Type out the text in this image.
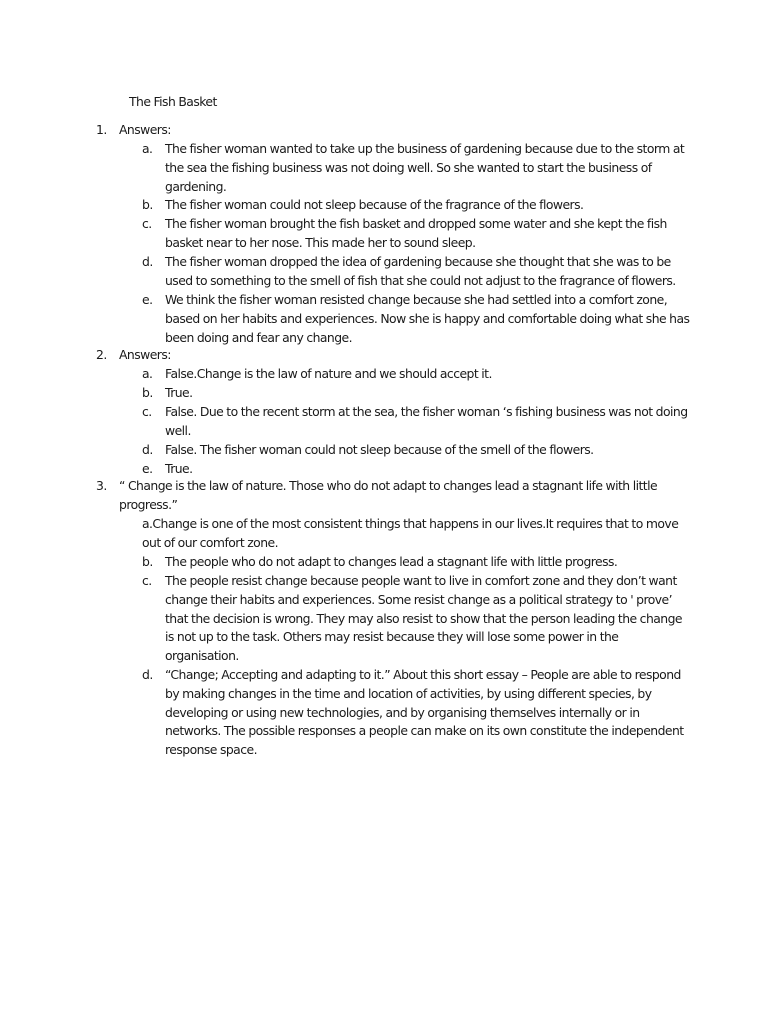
The Fish Basket
1. Answers:
a. The fisher woman wanted to take up the business of gardening because due to the storm at the sea the fishing business was not doing well. So she wanted to start the business of gardening.
b. The fisher woman could not sleep because of the fragrance of the flowers.
c. The fisher woman brought the fish basket and dropped some water and she kept the fish basket near to her nose. This made her to sound sleep.
d. The fisher woman dropped the idea of gardening because she thought that she was to be used to something to the smell of fish that she could not adjust to the fragrance of flowers.
e. We think the fisher woman resisted change because she had settled into a comfort zone, based on her habits and experiences. Now she is happy and comfortable doing what she has been doing and fear any change.
2. Answers:
a. False.Change is the law of nature and we should accept it.
b. True.
c. False. Due to the recent storm at the sea, the fisher woman ‘s fishing business was not doing well.
d. False. The fisher woman could not sleep because of the smell of the flowers.
e. True.
3. “ Change is the law of nature. Those who do not adapt to changes lead a stagnant life with little progress.”
a.Change is one of the most consistent things that happens in our lives.It requires that to move out of our comfort zone.
b. The people who do not adapt to changes lead a stagnant life with little progress.
c. The people resist change because people want to live in comfort zone and they don’t want change their habits and experiences. Some resist change as a political strategy to ' prove’ that the decision is wrong. They may also resist to show that the person leading the change is not up to the task. Others may resist because they will lose some power in the organisation.
d. “Change; Accepting and adapting to it.” About this short essay – People are able to respond by making changes in the time and location of activities, by using different species, by developing or using new technologies, and by organising themselves internally or in networks. The possible responses a people can make on its own constitute the independent response space.
